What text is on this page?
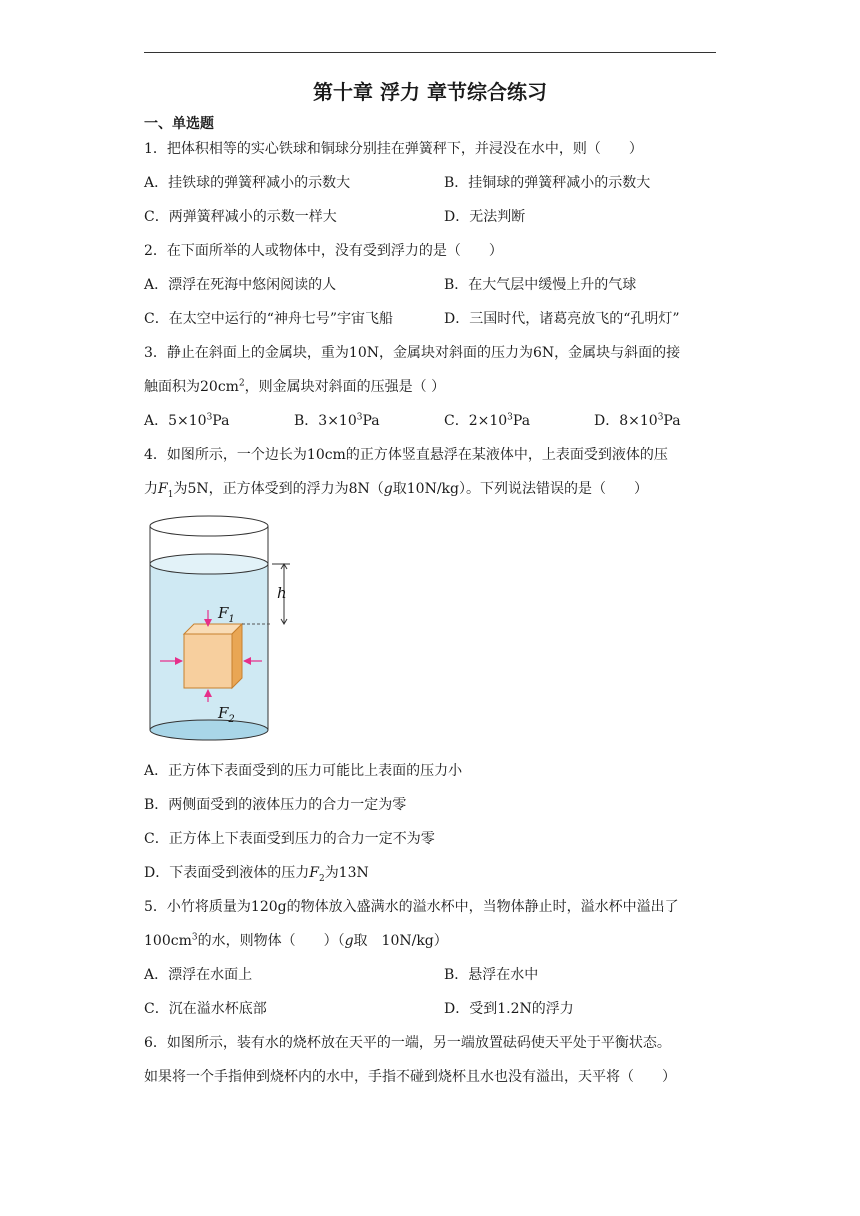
第十章 浮力 章节综合练习
一、单选题
1．把体积相等的实心铁球和铜球分别挂在弹簧秤下，并浸没在水中，则（　　）
A．挂铁球的弹簧秤减小的示数大	B．挂铜球的弹簧秤减小的示数大
C．两弹簧秤减小的示数一样大	D．无法判断
2．在下面所举的人或物体中，没有受到浮力的是（　　）
A．漂浮在死海中悠闲阅读的人	B．在大气层中缓慢上升的气球
C．在太空中运行的“神舟七号”宇宙飞船	D．三国时代，诸葛亮放飞的“孔明灯”
3．静止在斜面上的金属块，重为10N，金属块对斜面的压力为6N，金属块与斜面的接
触面积为$20cm^2$，则金属块对斜面的压强是（ ）
A．$5\times 10^3Pa$	B．$3\times 10^3Pa$	C．$2\times 10^3Pa$	D．$8\times 10^3Pa$
4．如图所示，一个边长为10cm的正方体竖直悬浮在某液体中，上表面受到液体的压
力$F_1$为5N，正方体受到的浮力为8N（g取10N/kg）。下列说法错误的是（　　）
$F_1$
$F_2$
h
A．正方体下表面受到的压力可能比上表面的压力小
B．两侧面受到的液体压力的合力一定为零
C．正方体上下表面受到压力的合力一定不为零
D．下表面受到液体的压力$F_2$为13N
5．小竹将质量为120g的物体放入盛满水的溢水杯中，当物体静止时，溢水杯中溢出了
$100cm^3$的水，则物体（　　）（g取　10N/kg）
A．漂浮在水面上	B．悬浮在水中
C．沉在溢水杯底部	D．受到1.2N的浮力
6．如图所示，装有水的烧杯放在天平的一端，另一端放置砝码使天平处于平衡状态。
如果将一个手指伸到烧杯内的水中，手指不碰到烧杯且水也没有溢出，天平将（　　）
